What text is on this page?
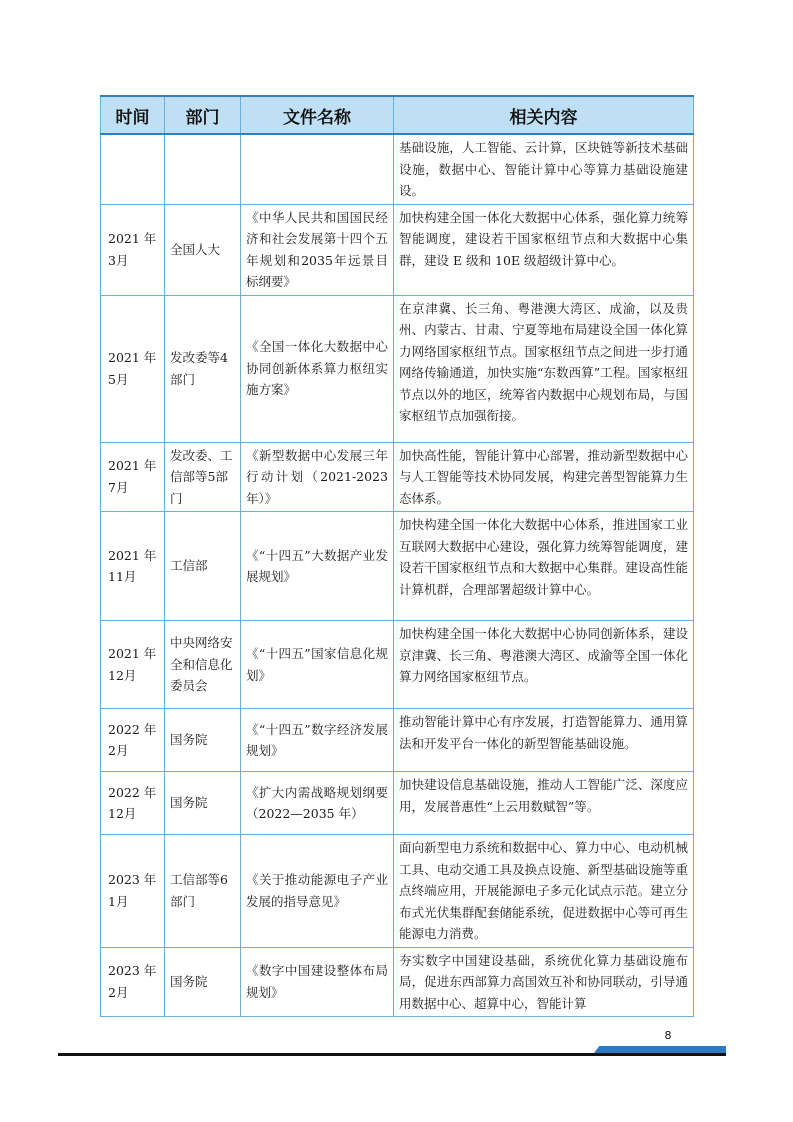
时间	部门	文件名称	相关内容
			基础设施，人工智能、云计算，区块链等新技术基础设施，数据中心、智能计算中心等算力基础设施建设。
2021 年3月	全国人大	《中华人民共和国国民经济和社会发展第十四个五年规划和2035年远景目标纲要》	加快构建全国一体化大数据中心体系，强化算力统筹智能调度，建设若干国家枢纽节点和大数据中心集群，建设 E 级和 10E 级超级计算中心。
2021 年5月	发改委等4部门	《全国一体化大数据中心协同创新体系算力枢纽实施方案》	在京津冀、长三角、粤港澳大湾区、成渝，以及贵州、内蒙古、甘肃、宁夏等地布局建设全国一体化算力网络国家枢纽节点。国家枢纽节点之间进一步打通网络传输通道，加快实施“东数西算”工程。国家枢纽节点以外的地区，统筹省内数据中心规划布局，与国家枢纽节点加强衔接。
2021 年7月	发改委、工信部等5部门	《新型数据中心发展三年行动计划（2021-2023年）》	加快高性能，智能计算中心部署，推动新型数据中心与人工智能等技术协同发展，构建完善型智能算力生态体系。
2021 年11月	工信部	《“十四五”大数据产业发展规划》	加快构建全国一体化大数据中心体系，推进国家工业互联网大数据中心建设，强化算力统筹智能调度，建设若干国家枢纽节点和大数据中心集群。建设高性能计算机群，合理部署超级计算中心。
2021 年12月	中央网络安全和信息化委员会	《“十四五”国家信息化规划》	加快构建全国一体化大数据中心协同创新体系，建设京津冀、长三角、粤港澳大湾区、成渝等全国一体化算力网络国家枢纽节点。
2022 年2月	国务院	《“十四五”数字经济发展规划》	推动智能计算中心有序发展，打造智能算力、通用算法和开发平台一体化的新型智能基础设施。
2022 年12月	国务院	《扩大内需战略规划纲要（2022—2035 年）	加快建设信息基础设施，推动人工智能广泛、深度应用，发展普惠性“上云用数赋智”等。
2023 年1月	工信部等6部门	《关于推动能源电子产业发展的指导意见》	面向新型电力系统和数据中心、算力中心、电动机械工具、电动交通工具及换点设施、新型基础设施等重点终端应用，开展能源电子多元化试点示范。建立分布式光伏集群配套储能系统，促进数据中心等可再生能源电力消费。
2023 年2月	国务院	《数字中国建设整体布局规划》	夯实数字中国建设基础，系统优化算力基础设施布局，促进东西部算力高国效互补和协同联动，引导通用数据中心、超算中心，智能计算
8
